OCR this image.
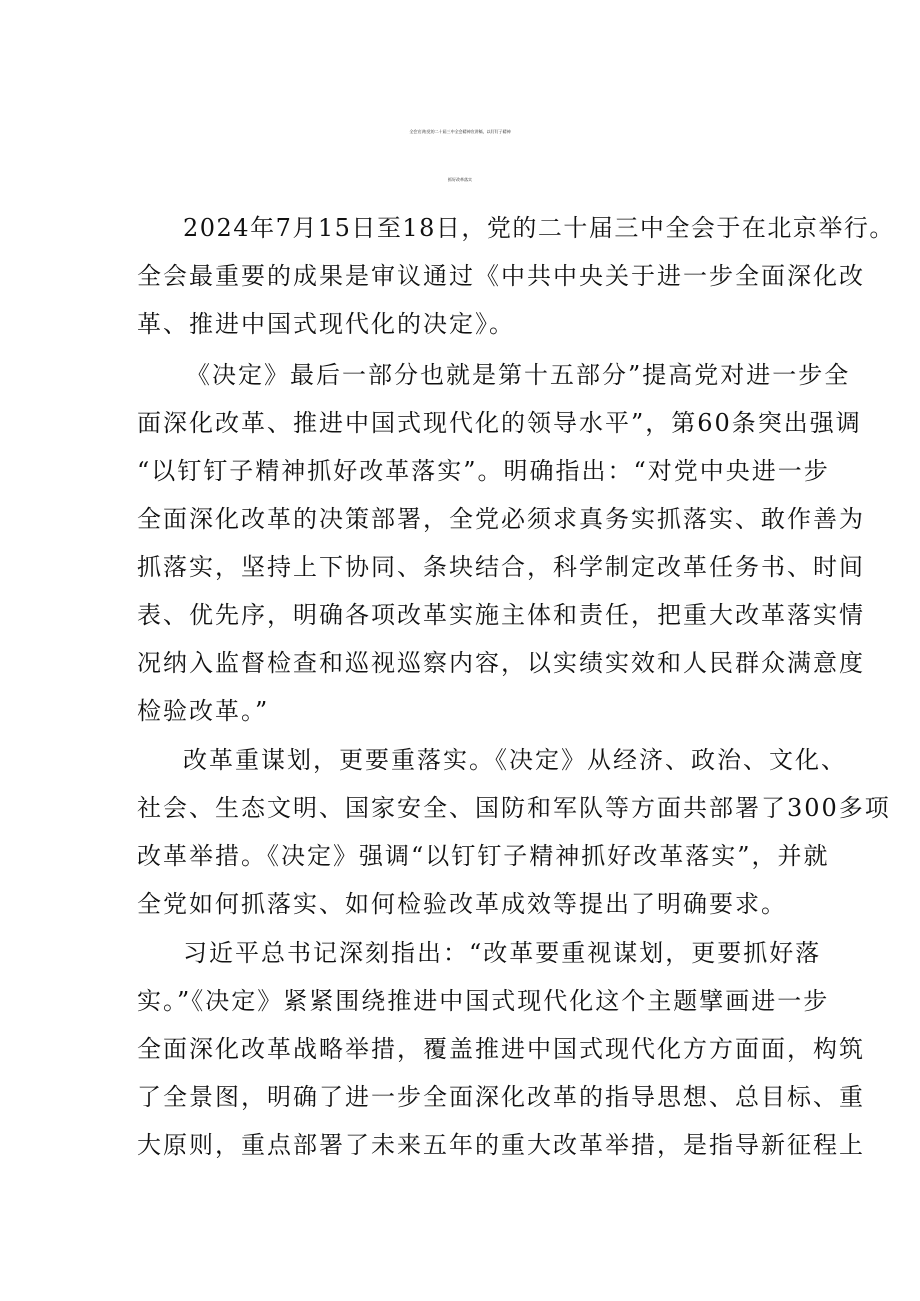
全会宣讲|党的二十届三中全会精神宣讲稿，以钉钉子精神
抓好改革落实
2024年7月15日至18日，党的二十届三中全会于在北京举行。
全会最重要的成果是审议通过《中共中央关于进一步全面深化改
革、推进中国式现代化的决定》。
《决定》最后一部分也就是第十五部分”提高党对进一步全
面深化改革、推进中国式现代化的领导水平”，第60条突出强调
“以钉钉子精神抓好改革落实”。明确指出：“对党中央进一步
全面深化改革的决策部署，全党必须求真务实抓落实、敢作善为
抓落实，坚持上下协同、条块结合，科学制定改革任务书、时间
表、优先序，明确各项改革实施主体和责任，把重大改革落实情
况纳入监督检查和巡视巡察内容，以实绩实效和人民群众满意度
检验改革。”
改革重谋划，更要重落实。《决定》从经济、政治、文化、
社会、生态文明、国家安全、国防和军队等方面共部署了300多项
改革举措。《决定》强调“以钉钉子精神抓好改革落实”，并就
全党如何抓落实、如何检验改革成效等提出了明确要求。
习近平总书记深刻指出：“改革要重视谋划，更要抓好落
实。”《决定》紧紧围绕推进中国式现代化这个主题擘画进一步
全面深化改革战略举措，覆盖推进中国式现代化方方面面，构筑
了全景图，明确了进一步全面深化改革的指导思想、总目标、重
大原则，重点部署了未来五年的重大改革举措，是指导新征程上
